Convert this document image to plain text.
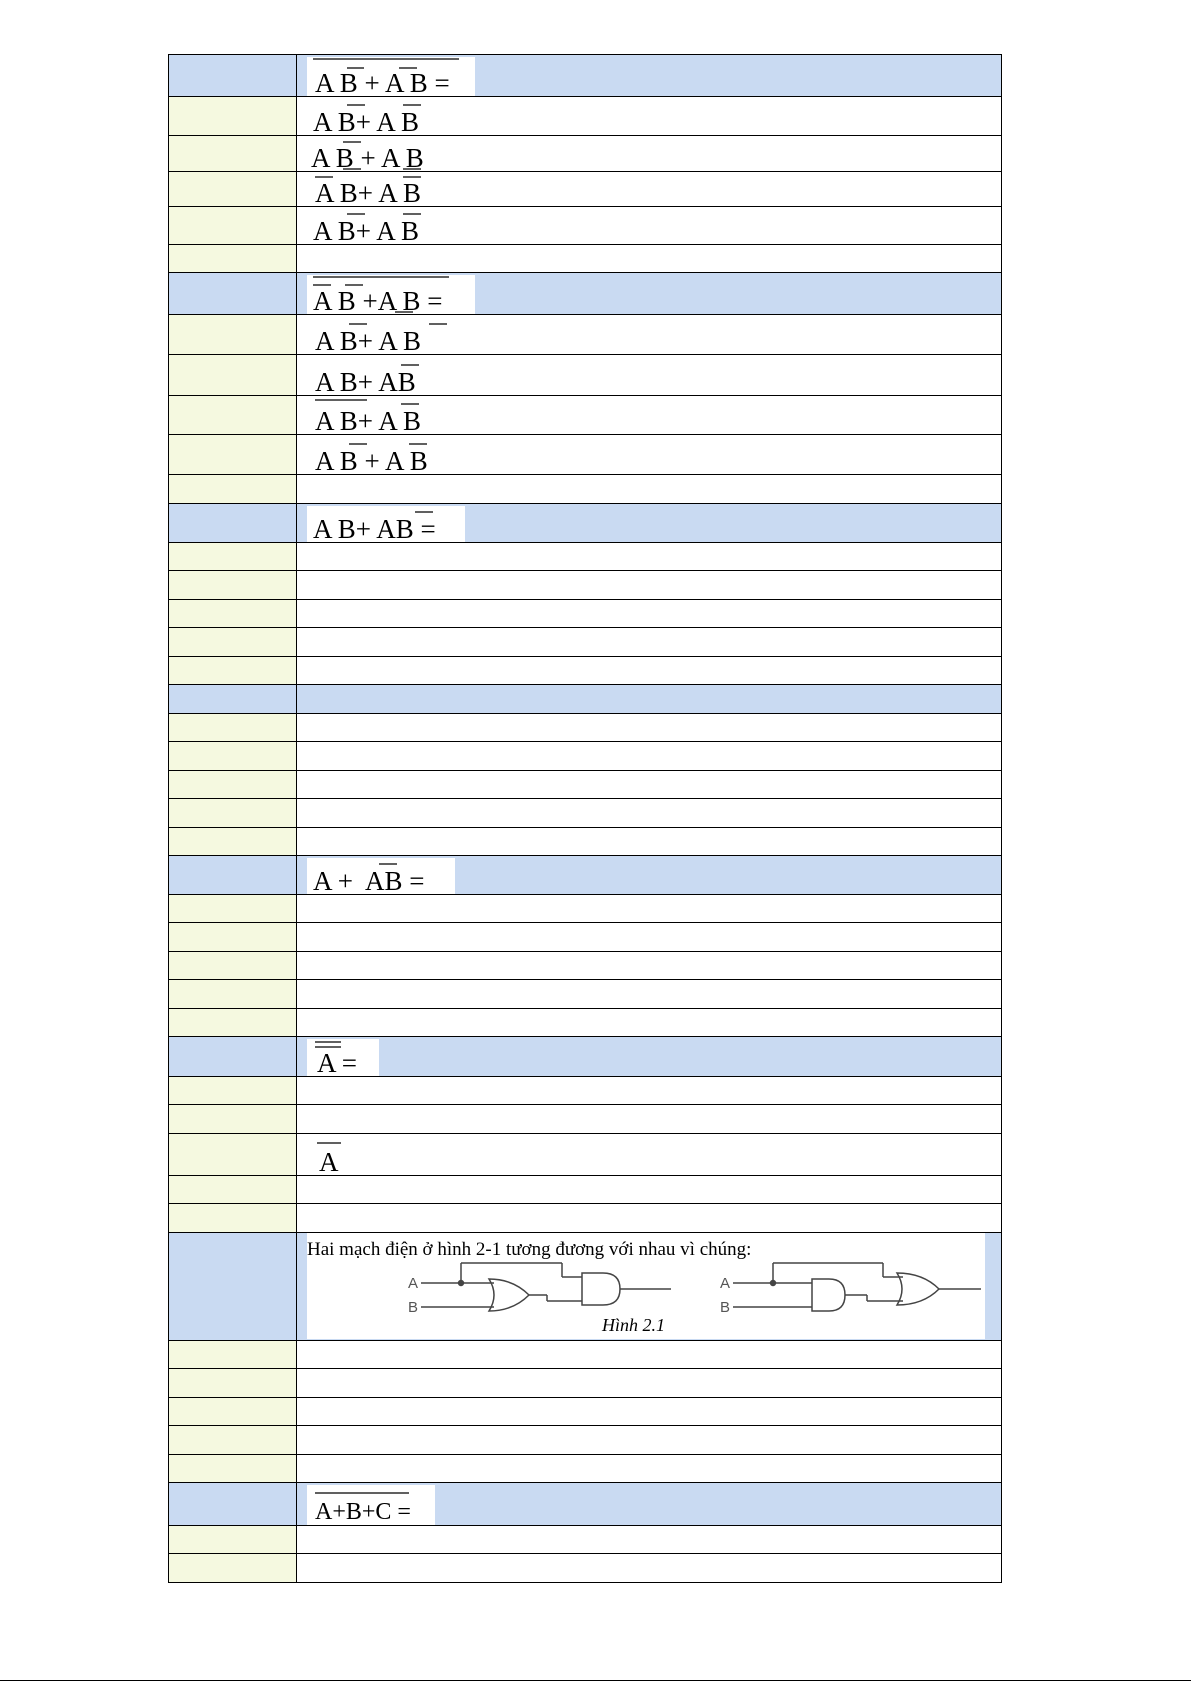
A B + A B =
A B+ A B
A B + A B
A B+ A B
A B+ A B
A B +A B =
A B+ A B
A B+ AB
A B+ A B
A B + A B
A B+ AB =
A +  AB =
A =
A
Hai mạch điện ở hình 2-1 tương đương với nhau vì chúng:
A
B
A
B
Hình 2.1
A+B+C =
